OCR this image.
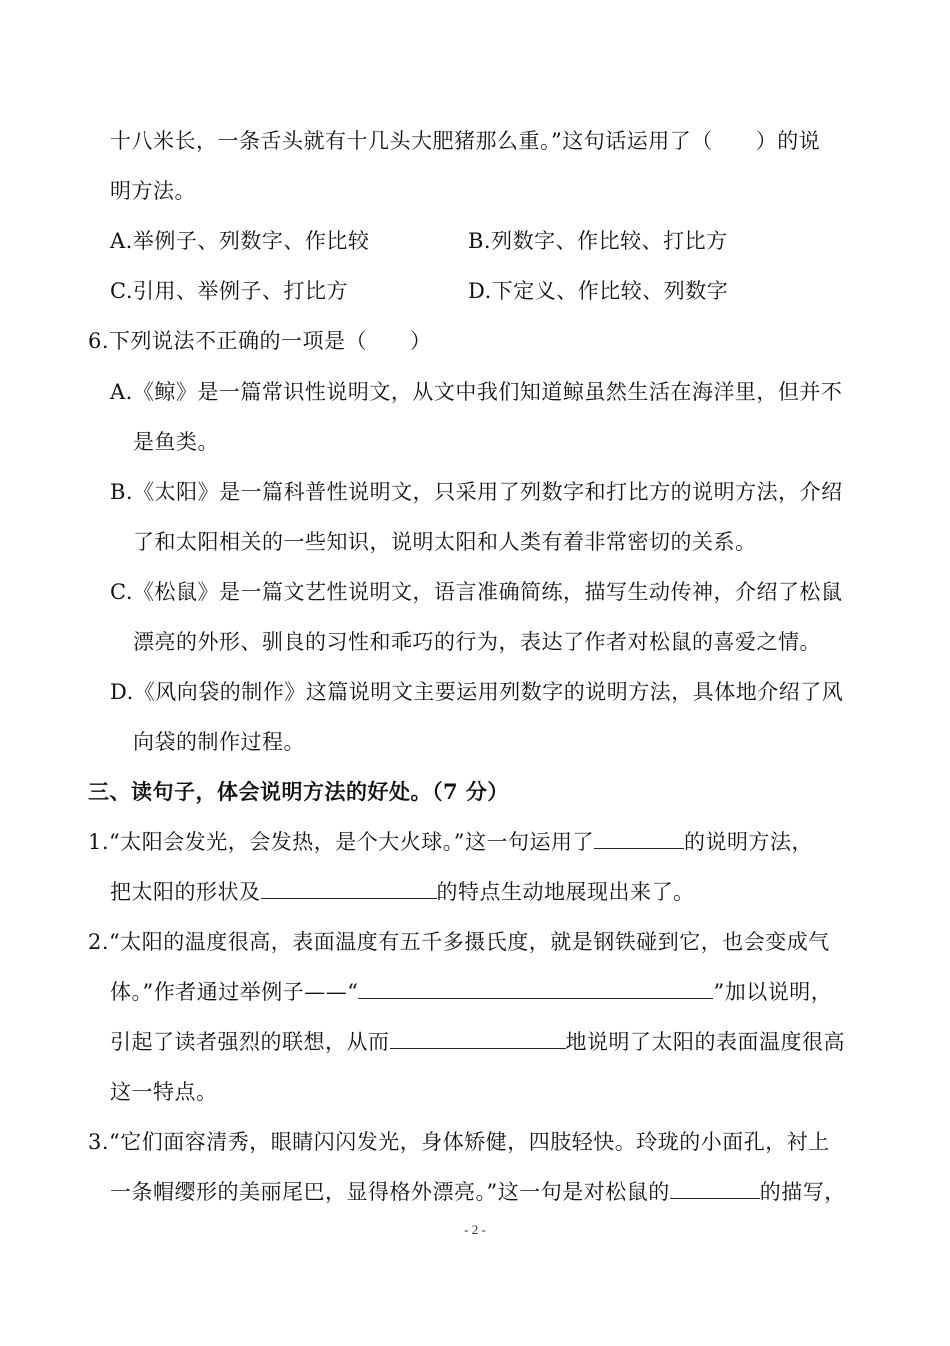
十八米长，一条舌头就有十几头大肥猪那么重。”这句话运用了（　　）的说
明方法。
A.举例子、列数字、作比较	B.列数字、作比较、打比方
C.引用、举例子、打比方	D.下定义、作比较、列数字
6.下列说法不正确的一项是（　　）
A.《鲸》是一篇常识性说明文，从文中我们知道鲸虽然生活在海洋里，但并不
是鱼类。
B.《太阳》是一篇科普性说明文，只采用了列数字和打比方的说明方法，介绍
了和太阳相关的一些知识，说明太阳和人类有着非常密切的关系。
C.《松鼠》是一篇文艺性说明文，语言准确简练，描写生动传神，介绍了松鼠
漂亮的外形、驯良的习性和乖巧的行为，表达了作者对松鼠的喜爱之情。
D.《风向袋的制作》这篇说明文主要运用列数字的说明方法，具体地介绍了风
向袋的制作过程。
三、读句子，体会说明方法的好处。（7 分）
1.“太阳会发光，会发热，是个大火球。”这一句运用了	的说明方法，
把太阳的形状及	的特点生动地展现出来了。
2.“太阳的温度很高，表面温度有五千多摄氏度，就是钢铁碰到它，也会变成气
体。”作者通过举例子——“	”加以说明，
引起了读者强烈的联想，从而	地说明了太阳的表面温度很高
这一特点。
3.“它们面容清秀，眼睛闪闪发光，身体矫健，四肢轻快。玲珑的小面孔，衬上
一条帽缨形的美丽尾巴，显得格外漂亮。”这一句是对松鼠的	的描写，
- 2 -
